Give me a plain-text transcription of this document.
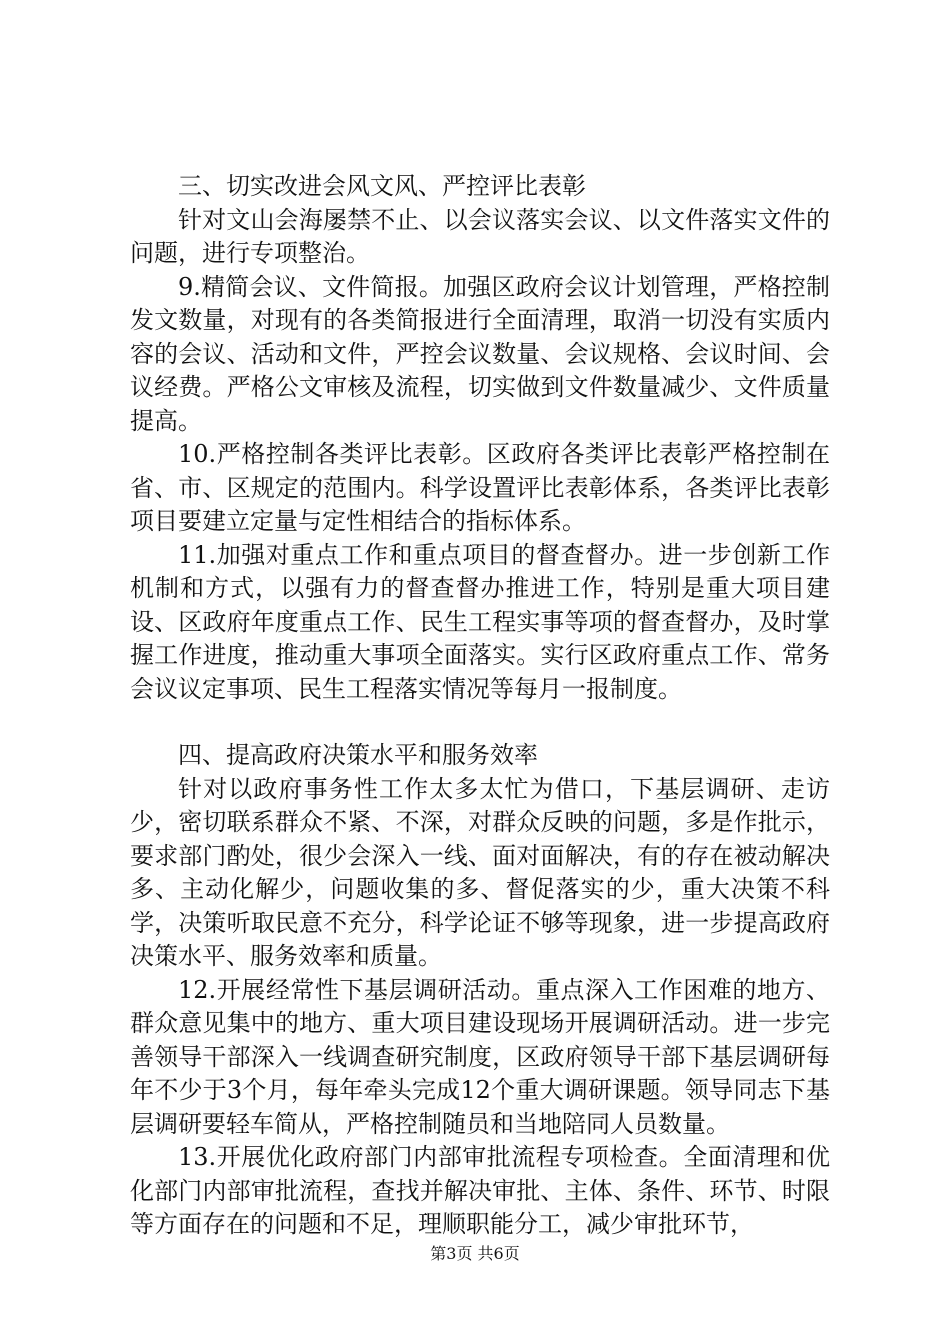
三、切实改进会风文风、严控评比表彰

针对文山会海屡禁不止、以会议落实会议、以文件落实文件的问题，进行专项整治。

9.精简会议、文件简报。加强区政府会议计划管理，严格控制发文数量，对现有的各类简报进行全面清理，取消一切没有实质内容的会议、活动和文件，严控会议数量、会议规格、会议时间、会议经费。严格公文审核及流程，切实做到文件数量减少、文件质量提高。

10.严格控制各类评比表彰。区政府各类评比表彰严格控制在省、市、区规定的范围内。科学设置评比表彰体系，各类评比表彰项目要建立定量与定性相结合的指标体系。

11.加强对重点工作和重点项目的督查督办。进一步创新工作机制和方式，以强有力的督查督办推进工作，特别是重大项目建设、区政府年度重点工作、民生工程实事等项的督查督办，及时掌握工作进度，推动重大事项全面落实。实行区政府重点工作、常务会议议定事项、民生工程落实情况等每月一报制度。

四、提高政府决策水平和服务效率

针对以政府事务性工作太多太忙为借口，下基层调研、走访少，密切联系群众不紧、不深，对群众反映的问题，多是作批示，要求部门酌处，很少会深入一线、面对面解决，有的存在被动解决多、主动化解少，问题收集的多、督促落实的少，重大决策不科学，决策听取民意不充分，科学论证不够等现象，进一步提高政府决策水平、服务效率和质量。

12.开展经常性下基层调研活动。重点深入工作困难的地方、群众意见集中的地方、重大项目建设现场开展调研活动。进一步完善领导干部深入一线调查研究制度，区政府领导干部下基层调研每年不少于3个月，每年牵头完成12个重大调研课题。领导同志下基层调研要轻车简从，严格控制随员和当地陪同人员数量。

13.开展优化政府部门内部审批流程专项检查。全面清理和优化部门内部审批流程，查找并解决审批、主体、条件、环节、时限等方面存在的问题和不足，理顺职能分工，减少审批环节，

第3页 共6页
